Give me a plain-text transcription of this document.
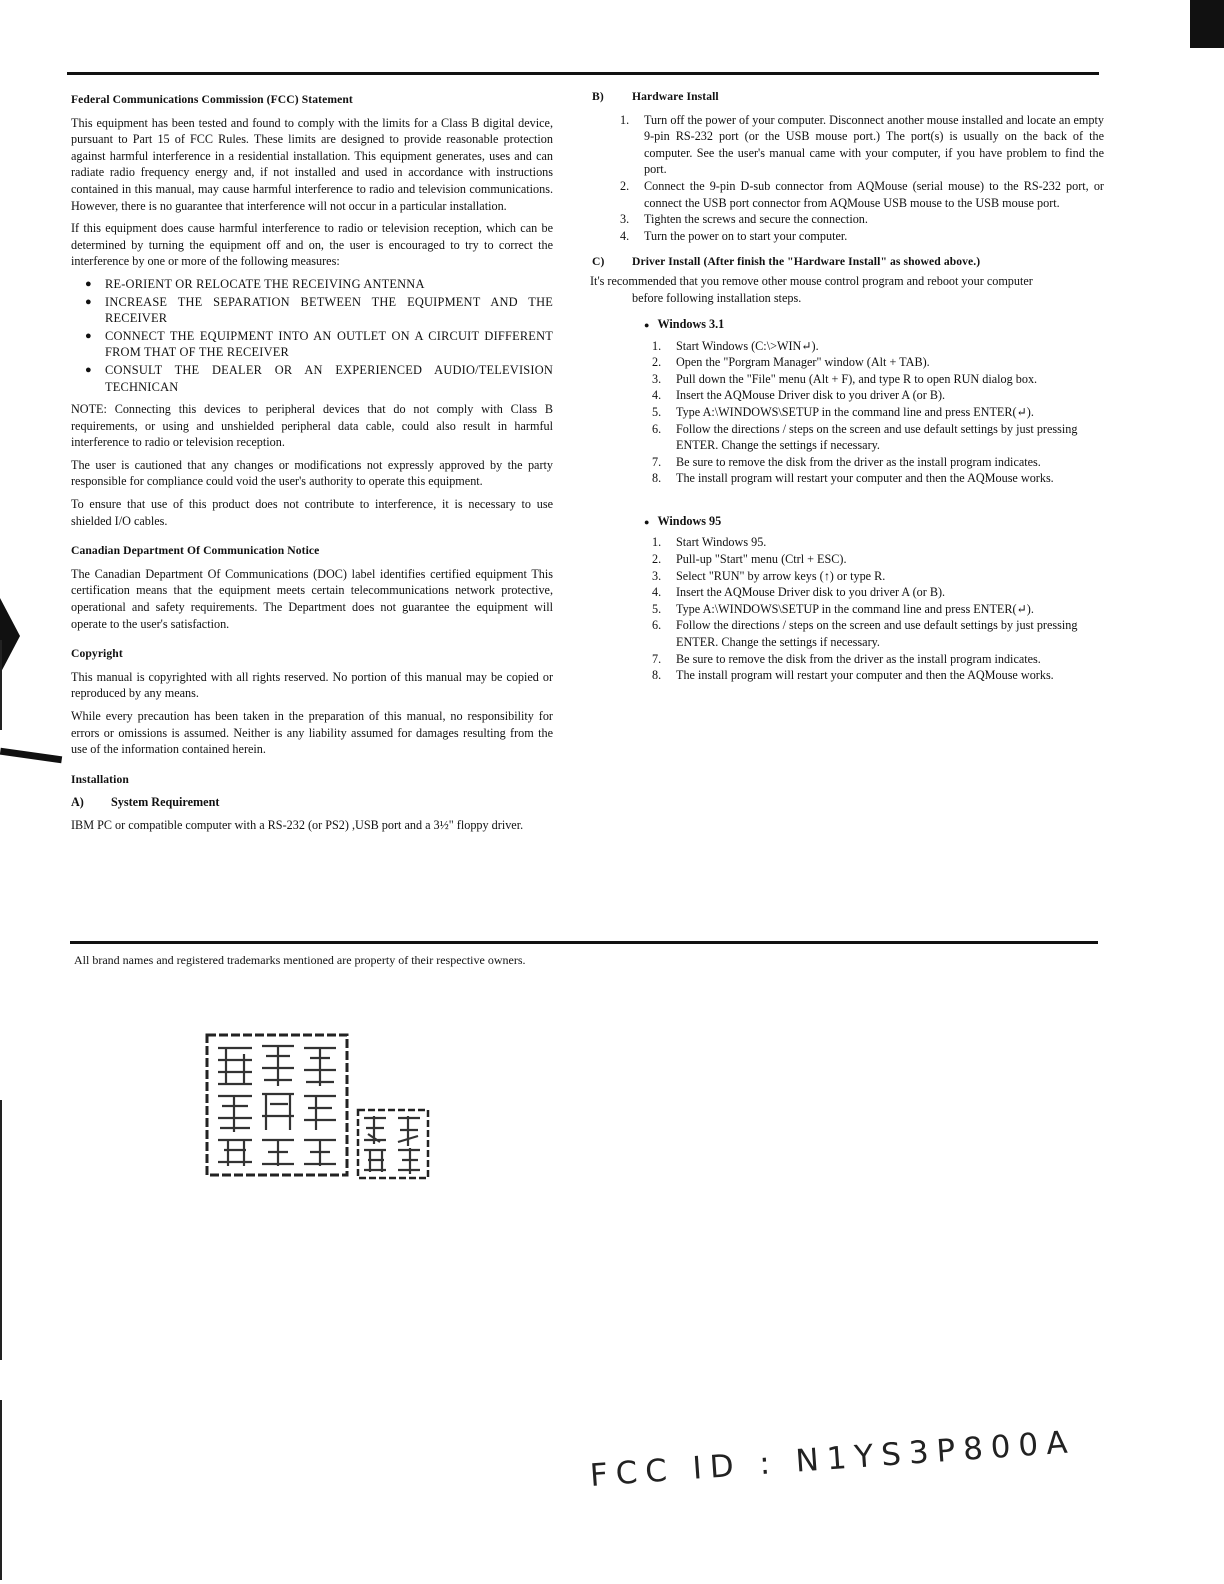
Federal Communications Commission (FCC) Statement

This equipment has been tested and found to comply with the limits for a Class B digital device, pursuant to Part 15 of FCC Rules. These limits are designed to provide reasonable protection against harmful interference in a residential installation. This equipment generates, uses and can radiate radio frequency energy and, if not installed and used in accordance with instructions contained in this manual, may cause harmful interference to radio and television communications. However, there is no guarantee that interference will not occur in a particular installation.

If this equipment does cause harmful interference to radio or television reception, which can be determined by turning the equipment off and on, the user is encouraged to try to correct the interference by one or more of the following measures:

● RE-ORIENT OR RELOCATE THE RECEIVING ANTENNA
● INCREASE THE SEPARATION BETWEEN THE EQUIPMENT AND THE RECEIVER
● CONNECT THE EQUIPMENT INTO AN OUTLET ON A CIRCUIT DIFFERENT FROM THAT OF THE RECEIVER
● CONSULT THE DEALER OR AN EXPERIENCED AUDIO/TELEVISION TECHNICAN

NOTE: Connecting this devices to peripheral devices that do not comply with Class B requirements, or using and unshielded peripheral data cable, could also result in harmful interference to radio or television reception.

The user is cautioned that any changes or modifications not expressly approved by the party responsible for compliance could void the user's authority to operate this equipment.

To ensure that use of this product does not contribute to interference, it is necessary to use shielded I/O cables.

Canadian Department Of Communication Notice

The Canadian Department Of Communications (DOC) label identifies certified equipment This certification means that the equipment meets certain telecommunications network protective, operational and safety requirements. The Department does not guarantee the equipment will operate to the user's satisfaction.

Copyright

This manual is copyrighted with all rights reserved. No portion of this manual may be copied or reproduced by any means.

While every precaution has been taken in the preparation of this manual, no responsibility for errors or omissions is assumed. Neither is any liability assumed for damages resulting from the use of the information contained herein.

Installation
A) System Requirement

IBM PC or compatible computer with a RS-232 (or PS2) ,USB port and a 3½" floppy driver.

B) Hardware Install
1. Turn off the power of your computer. Disconnect another mouse installed and locate an empty 9-pin RS-232 port (or the USB mouse port.) The port(s) is usually on the back of the computer. See the user's manual came with your computer, if you have problem to find the port.
2. Connect the 9-pin D-sub connector from AQMouse (serial mouse) to the RS-232 port, or connect the USB port connector from AQMouse USB mouse to the USB mouse port.
3. Tighten the screws and secure the connection.
4. Turn the power on to start your computer.
C) Driver Install (After finish the "Hardware Install" as showed above.)

It's recommended that you remove other mouse control program and reboot your computer

before following installation steps.

● Windows 3.1
1. Start Windows (C:\>WIN↵).
2. Open the "Porgram Manager" window (Alt + TAB).
3. Pull down the "File" menu (Alt + F), and type R to open RUN dialog box.
4. Insert the AQMouse Driver disk to you driver A (or B).
5. Type A:\WINDOWS\SETUP in the command line and press ENTER(↵).
6. Follow the directions / steps on the screen and use default settings by just pressing ENTER. Change the settings if necessary.
7. Be sure to remove the disk from the driver as the install program indicates.
8. The install program will restart your computer and then the AQMouse works.
● Windows 95
1. Start Windows 95.
2. Pull-up "Start" menu (Ctrl + ESC).
3. Select "RUN" by arrow keys (↑) or type R.
4. Insert the AQMouse Driver disk to you driver A (or B).
5. Type A:\WINDOWS\SETUP in the command line and press ENTER(↵).
6. Follow the directions / steps on the screen and use default settings by just pressing ENTER. Change the settings if necessary.
7. Be sure to remove the disk from the driver as the install program indicates.
8. The install program will restart your computer and then the AQMouse works.
All brand names and registered trademarks mentioned are property of their respective owners.
FCC ID : N1YS3P800A
